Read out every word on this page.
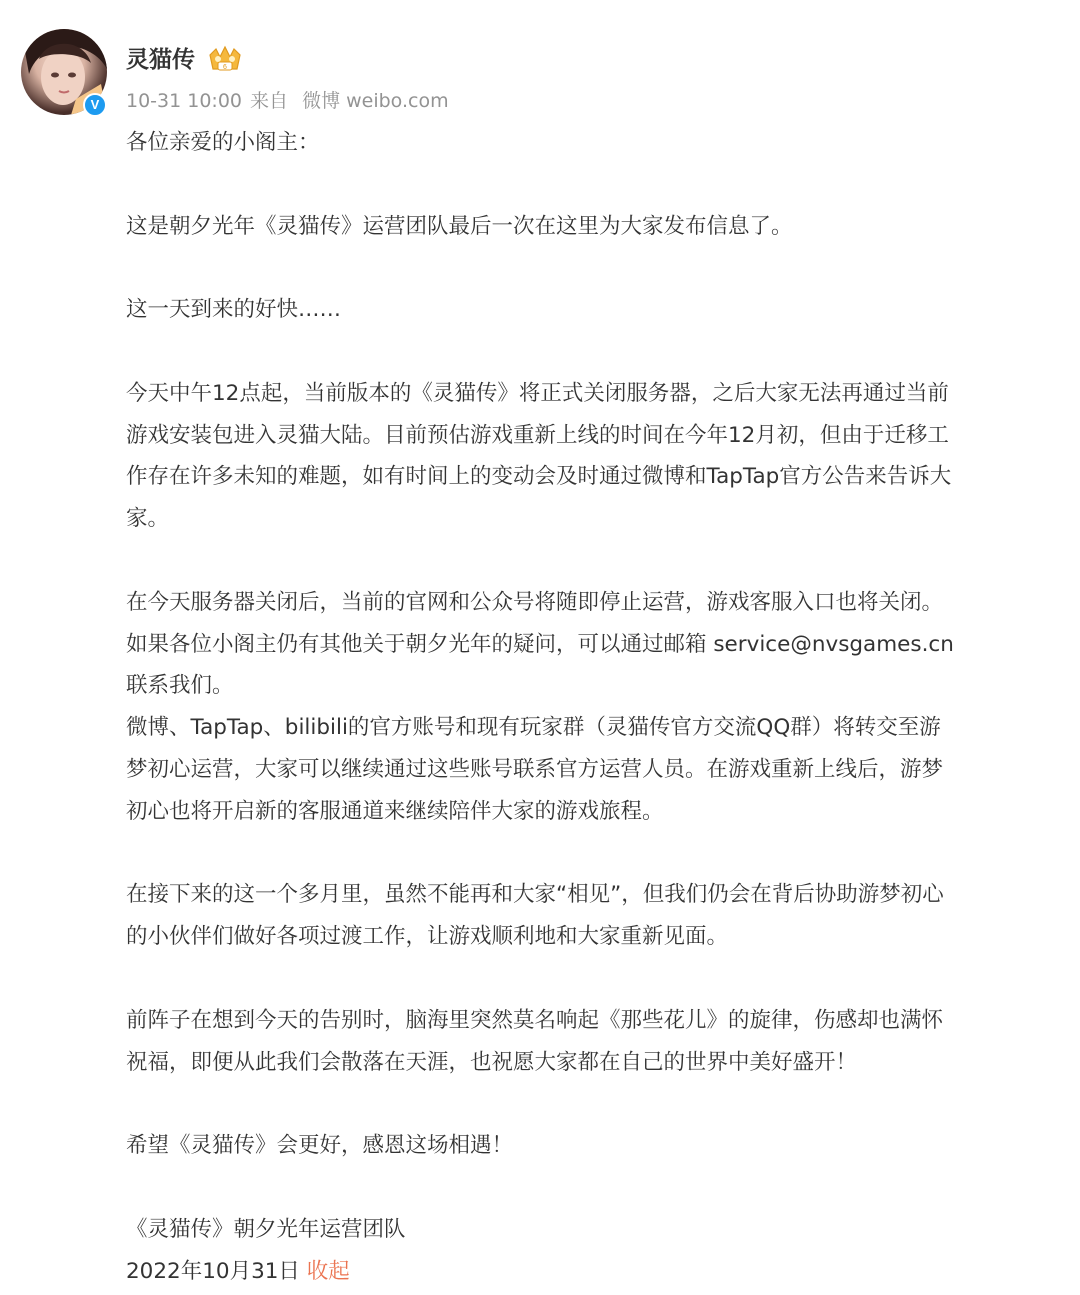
V
灵猫传	6
10-31 10:00 来自 微博 weibo.com

各位亲爱的小阁主：

这是朝夕光年《灵猫传》运营团队最后一次在这里为大家发布信息了。

这一天到来的好快……

今天中午12点起，当前版本的《灵猫传》将正式关闭服务器，之后大家无法再通过当前

游戏安装包进入灵猫大陆。目前预估游戏重新上线的时间在今年12月初，但由于迁移工

作存在许多未知的难题，如有时间上的变动会及时通过微博和TapTap官方公告来告诉大

家。

在今天服务器关闭后，当前的官网和公众号将随即停止运营，游戏客服入口也将关闭。

如果各位小阁主仍有其他关于朝夕光年的疑问，可以通过邮箱 service@nvsgames.cn

联系我们。

微博、TapTap、bilibili的官方账号和现有玩家群（灵猫传官方交流QQ群）将转交至游

梦初心运营，大家可以继续通过这些账号联系官方运营人员。在游戏重新上线后，游梦

初心也将开启新的客服通道来继续陪伴大家的游戏旅程。

在接下来的这一个多月里，虽然不能再和大家“相见”，但我们仍会在背后协助游梦初心

的小伙伴们做好各项过渡工作，让游戏顺利地和大家重新见面。

前阵子在想到今天的告别时，脑海里突然莫名响起《那些花儿》的旋律，伤感却也满怀

祝福，即便从此我们会散落在天涯，也祝愿大家都在自己的世界中美好盛开！

希望《灵猫传》会更好，感恩这场相遇！

《灵猫传》朝夕光年运营团队

2022年10月31日 收起
